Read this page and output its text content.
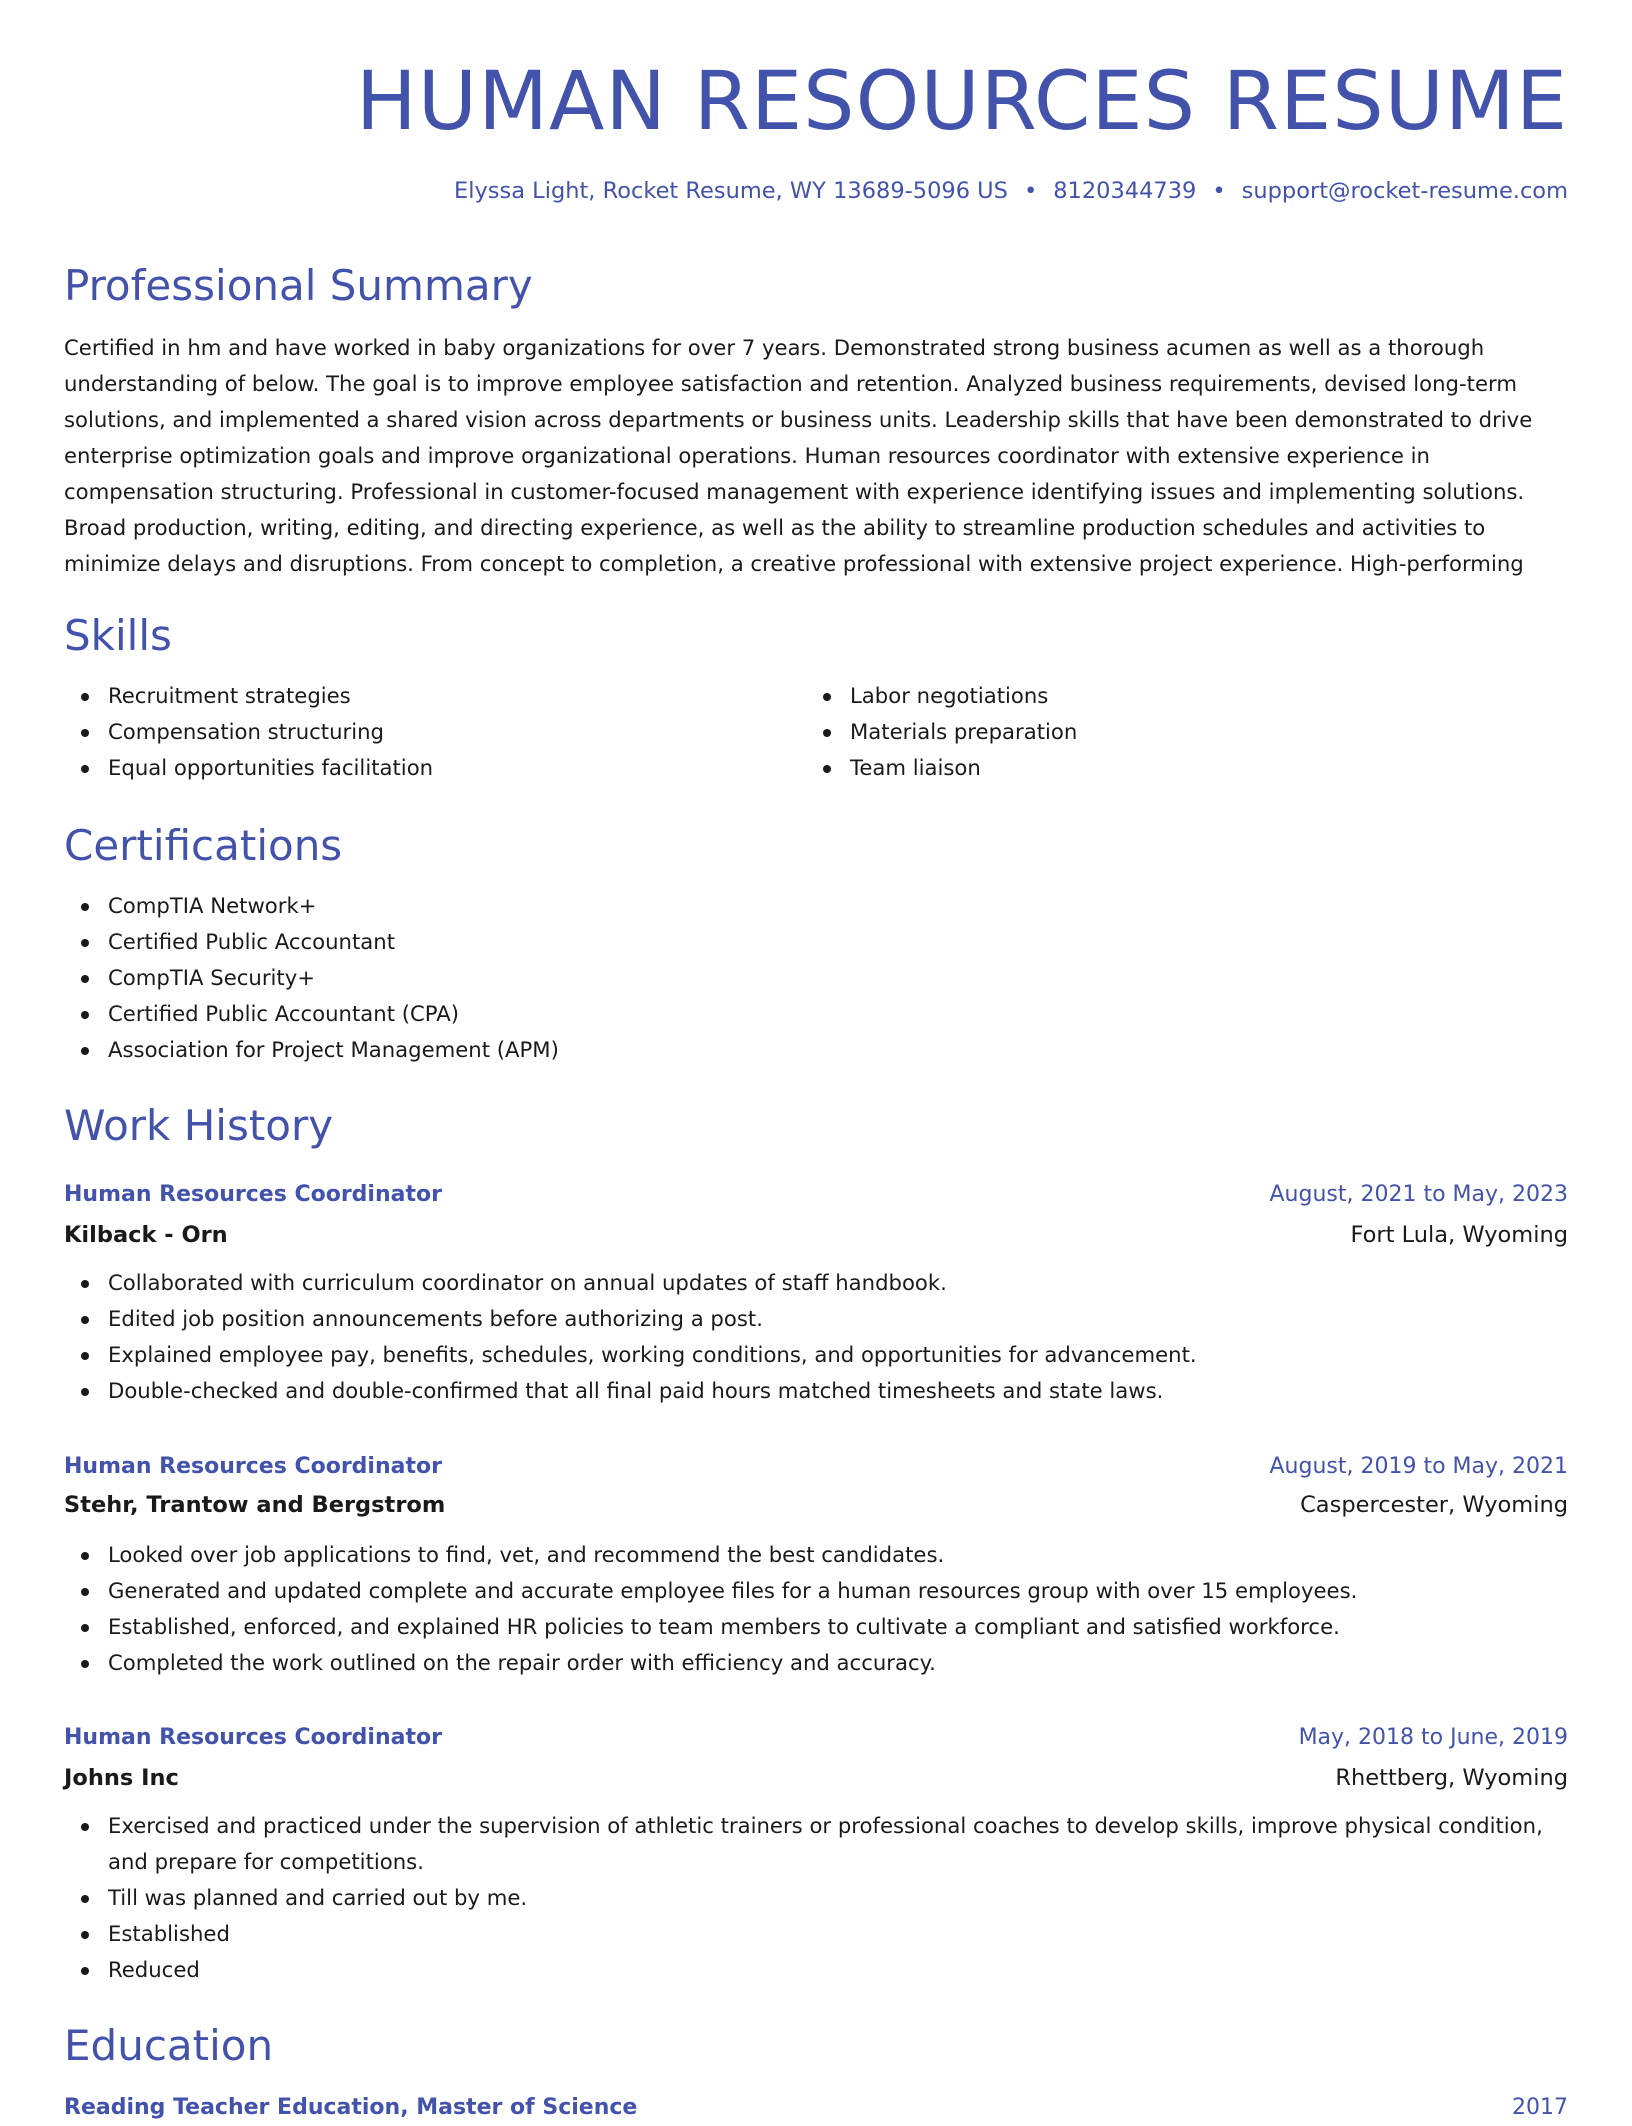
HUMAN RESOURCES RESUME
Elyssa Light, Rocket Resume, WY 13689-5096 US • 8120344739 • support@rocket-resume.com
Professional Summary

Certified in hm and have worked in baby organizations for over 7 years. Demonstrated strong business acumen as well as a thorough understanding of below. The goal is to improve employee satisfaction and retention. Analyzed business requirements, devised long-term solutions, and implemented a shared vision across departments or business units. Leadership skills that have been demonstrated to drive enterprise optimization goals and improve organizational operations. Human resources coordinator with extensive experience in compensation structuring. Professional in customer-focused management with experience identifying issues and implementing solutions. Broad production, writing, editing, and directing experience, as well as the ability to streamline production schedules and activities to minimize delays and disruptions. From concept to completion, a creative professional with extensive project experience. High-performing

Skills
Recruitment strategies
Compensation structuring
Equal opportunities facilitation
Labor negotiations
Materials preparation
Team liaison
Certifications
CompTIA Network+
Certified Public Accountant
CompTIA Security+
Certified Public Accountant (CPA)
Association for Project Management (APM)
Work History
Human Resources Coordinator	August, 2021 to May, 2023
Kilback - Orn	Fort Lula, Wyoming
Collaborated with curriculum coordinator on annual updates of staff handbook.
Edited job position announcements before authorizing a post.
Explained employee pay, benefits, schedules, working conditions, and opportunities for advancement.
Double-checked and double-confirmed that all final paid hours matched timesheets and state laws.
Human Resources Coordinator	August, 2019 to May, 2021
Stehr, Trantow and Bergstrom	Caspercester, Wyoming
Looked over job applications to find, vet, and recommend the best candidates.
Generated and updated complete and accurate employee files for a human resources group with over 15 employees.
Established, enforced, and explained HR policies to team members to cultivate a compliant and satisfied workforce.
Completed the work outlined on the repair order with efficiency and accuracy.
Human Resources Coordinator	May, 2018 to June, 2019
Johns Inc	Rhettberg, Wyoming
Exercised and practiced under the supervision of athletic trainers or professional coaches to develop skills, improve physical condition, and prepare for competitions.
Till was planned and carried out by me.
Established
Reduced
Education
Reading Teacher Education, Master of Science	2017
